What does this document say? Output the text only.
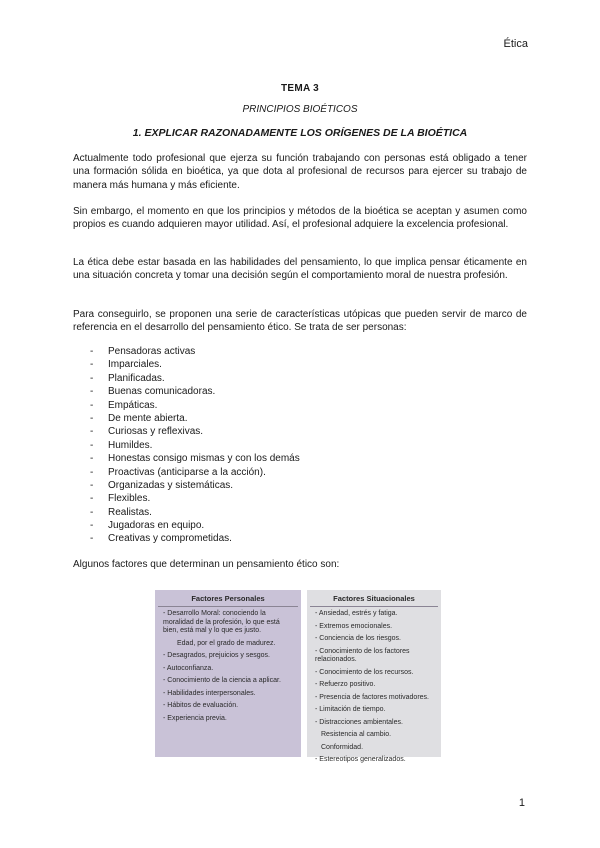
Ética
TEMA 3
PRINCIPIOS BIOÉTICOS
1. EXPLICAR RAZONADAMENTE LOS ORÍGENES DE LA BIOÉTICA

Actualmente todo profesional que ejerza su función trabajando con personas está obligado a tener una formación sólida en bioética, ya que dota al profesional de recursos para ejercer su trabajo de manera más humana y más eficiente.

Sin embargo, el momento en que los principios y métodos de la bioética se aceptan y asumen como propios es cuando adquieren mayor utilidad. Así, el profesional adquiere la excelencia profesional.

La ética debe estar basada en las habilidades del pensamiento, lo que implica pensar éticamente en una situación concreta y tomar una decisión según el comportamiento moral de nuestra profesión.

Para conseguirlo, se proponen una serie de características utópicas que pueden servir de marco de referencia en el desarrollo del pensamiento ético. Se trata de ser personas:

- Pensadoras activas
- Imparciales.
- Planificadas.
- Buenas comunicadoras.
- Empáticas.
- De mente abierta.
- Curiosas y reflexivas.
- Humildes.
- Honestas consigo mismas y con los demás
- Proactivas (anticiparse a la acción).
- Organizadas y sistemáticas.
- Flexibles.
- Realistas.
- Jugadoras en equipo.
- Creativas y comprometidas.

Algunos factores que determinan un pensamiento ético son:

Factores Personales
- Desarrollo Moral: conociendo la moralidad de la profesión, lo que está bien, está mal y lo que es justo.
Edad, por el grado de madurez.
- Desagrados, prejuicios y sesgos.
- Autoconfianza.
- Conocimiento de la ciencia a aplicar.
- Habilidades interpersonales.
- Hábitos de evaluación.
- Experiencia previa.
Factores Situacionales
- Ansiedad, estrés y fatiga.
- Extremos emocionales.
- Conciencia de los riesgos.
- Conocimiento de los factores relacionados.
- Conocimiento de los recursos.
- Refuerzo positivo.
- Presencia de factores motivadores.
- Limitación de tiempo.
- Distracciones ambientales.
Resistencia al cambio.
Conformidad.
- Estereotipos generalizados.
1
